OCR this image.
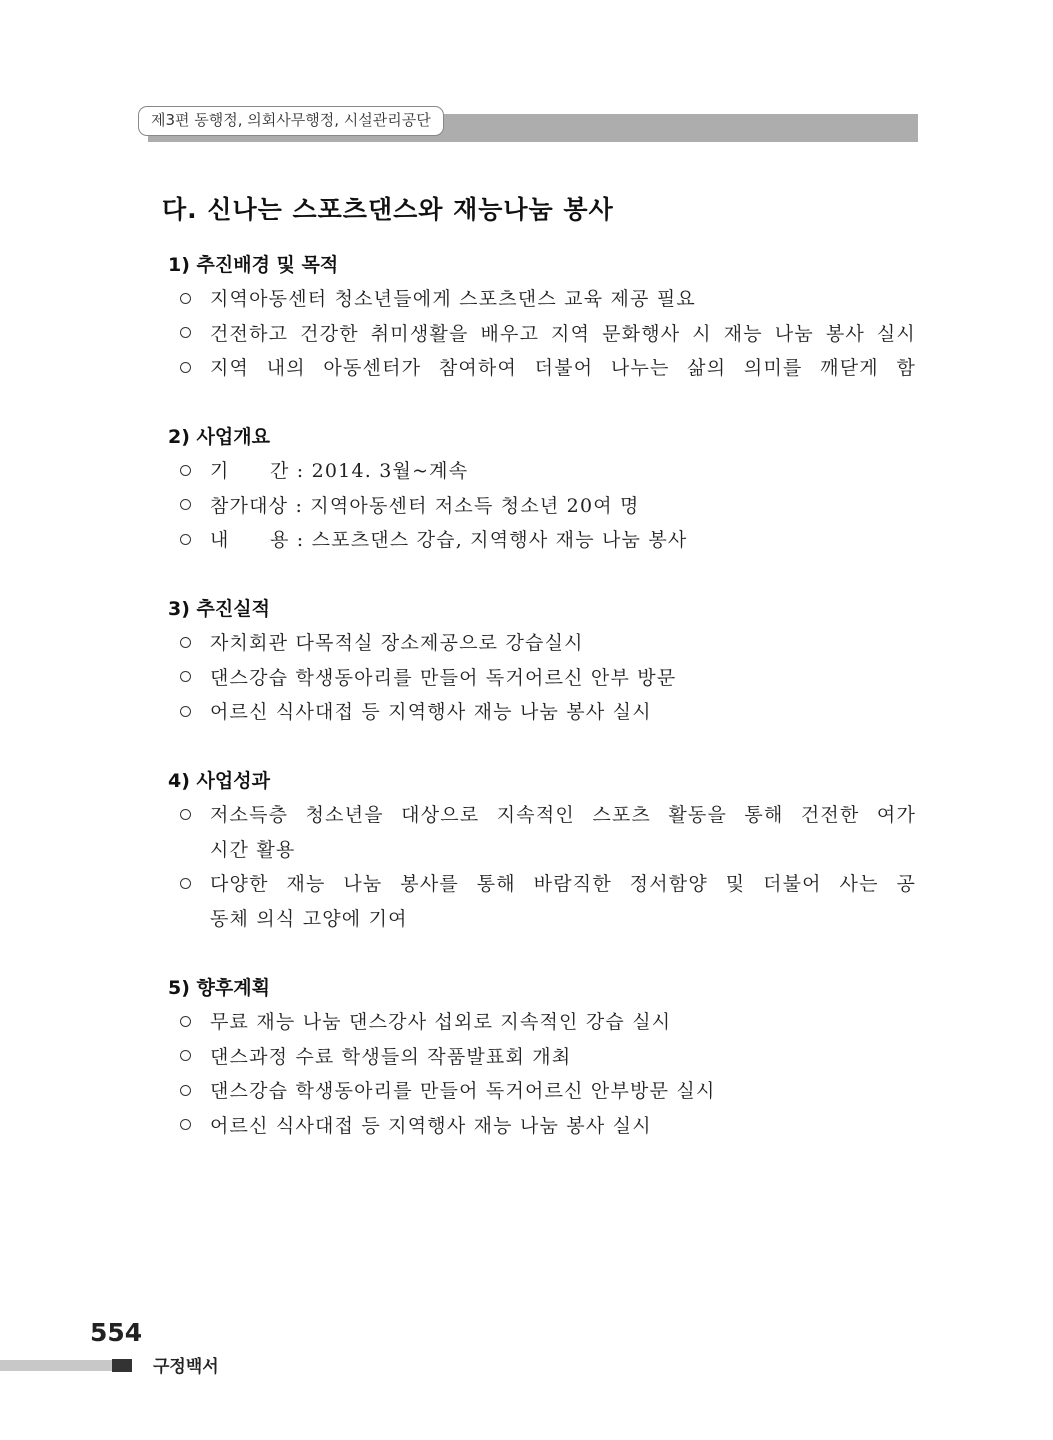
제3편 동행정, 의회사무행정, 시설관리공단
다. 신나는 스포츠댄스와 재능나눔 봉사
1) 추진배경 및 목적
지역아동센터 청소년들에게 스포츠댄스 교육 제공 필요
건전하고 건강한 취미생활을 배우고 지역 문화행사 시 재능 나눔 봉사 실시
지역 내의 아동센터가 참여하여 더불어 나누는 삶의 의미를 깨닫게 함
2) 사업개요
기　　간 : 2014. 3월~계속
참가대상 : 지역아동센터 저소득 청소년 20여 명
내　　용 : 스포츠댄스 강습, 지역행사 재능 나눔 봉사
3) 추진실적
자치회관 다목적실 장소제공으로 강습실시
댄스강습 학생동아리를 만들어 독거어르신 안부 방문
어르신 식사대접 등 지역행사 재능 나눔 봉사 실시
4) 사업성과
저소득층 청소년을 대상으로 지속적인 스포츠 활동을 통해 건전한 여가
시간 활용
다양한 재능 나눔 봉사를 통해 바람직한 정서함양 및 더불어 사는 공
동체 의식 고양에 기여
5) 향후계획
무료 재능 나눔 댄스강사 섭외로 지속적인 강습 실시
댄스과정 수료 학생들의 작품발표회 개최
댄스강습 학생동아리를 만들어 독거어르신 안부방문 실시
어르신 식사대접 등 지역행사 재능 나눔 봉사 실시
554
구정백서
